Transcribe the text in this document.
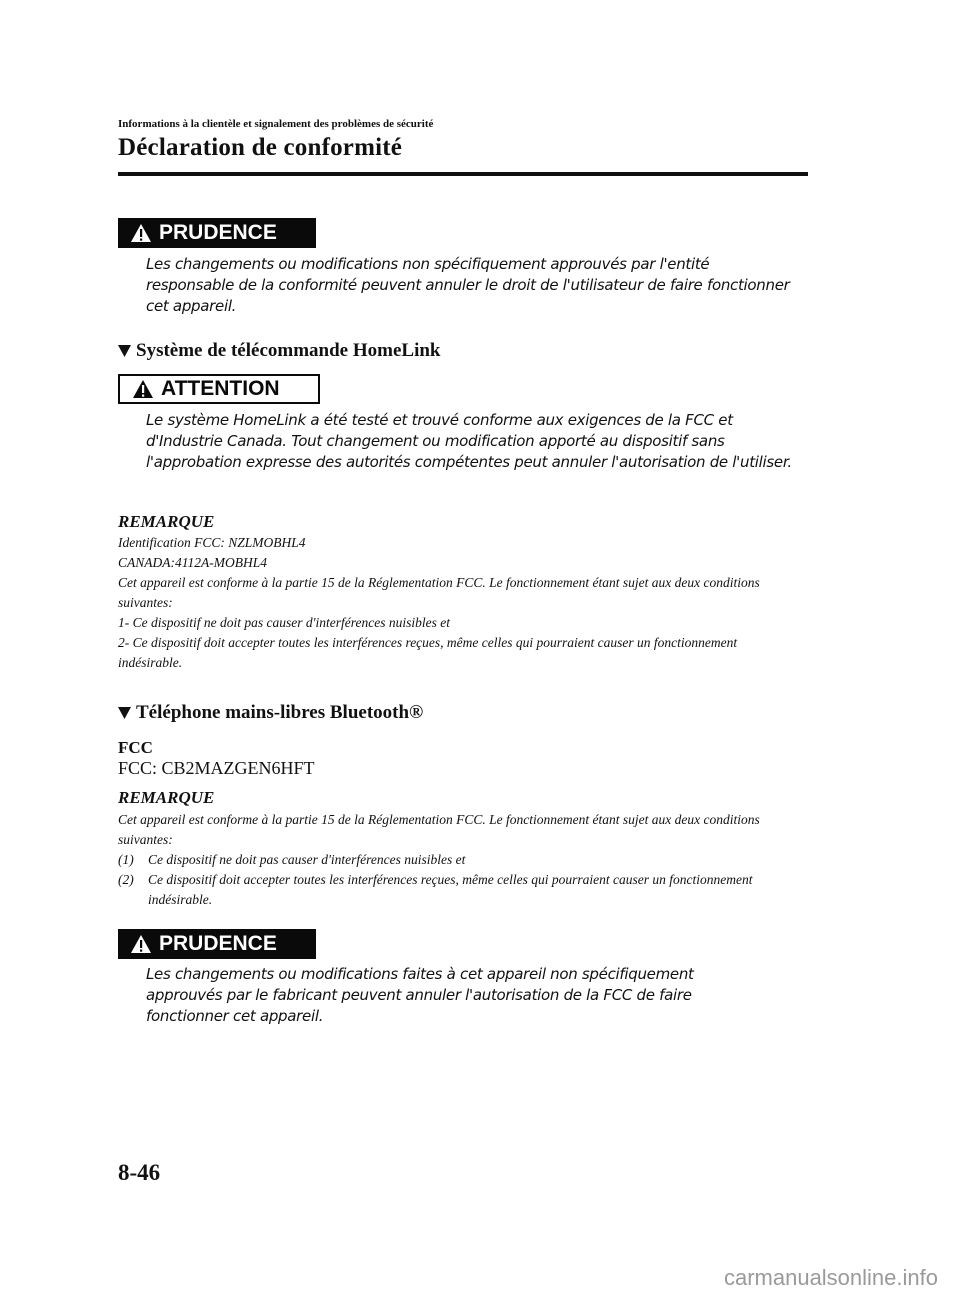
Informations à la clientèle et signalement des problèmes de sécurité
Déclaration de conformité
PRUDENCE
Les changements ou modifications non spécifiquement approuvés par l'entité responsable de la conformité peuvent annuler le droit de l'utilisateur de faire fonctionner cet appareil.
Système de télécommande HomeLink
ATTENTION
Le système HomeLink a été testé et trouvé conforme aux exigences de la FCC et d'Industrie Canada. Tout changement ou modification apporté au dispositif sans l'approbation expresse des autorités compétentes peut annuler l'autorisation de l'utiliser.
REMARQUE
Identification FCC: NZLMOBHL4
CANADA:4112A-MOBHL4
Cet appareil est conforme à la partie 15 de la Réglementation FCC. Le fonctionnement étant sujet aux deux conditions suivantes:
1- Ce dispositif ne doit pas causer d'interférences nuisibles et
2- Ce dispositif doit accepter toutes les interférences reçues, même celles qui pourraient causer un fonctionnement indésirable.
Téléphone mains-libres Bluetooth®
FCC
FCC: CB2MAZGEN6HFT
REMARQUE
Cet appareil est conforme à la partie 15 de la Réglementation FCC. Le fonctionnement étant sujet aux deux conditions suivantes:
(1)	Ce dispositif ne doit pas causer d'interférences nuisibles et
(2)	Ce dispositif doit accepter toutes les interférences reçues, même celles qui pourraient causer un fonctionnement indésirable.
PRUDENCE
Les changements ou modifications faites à cet appareil non spécifiquement approuvés par le fabricant peuvent annuler l'autorisation de la FCC de faire fonctionner cet appareil.
8-46
carmanualsonline.info
